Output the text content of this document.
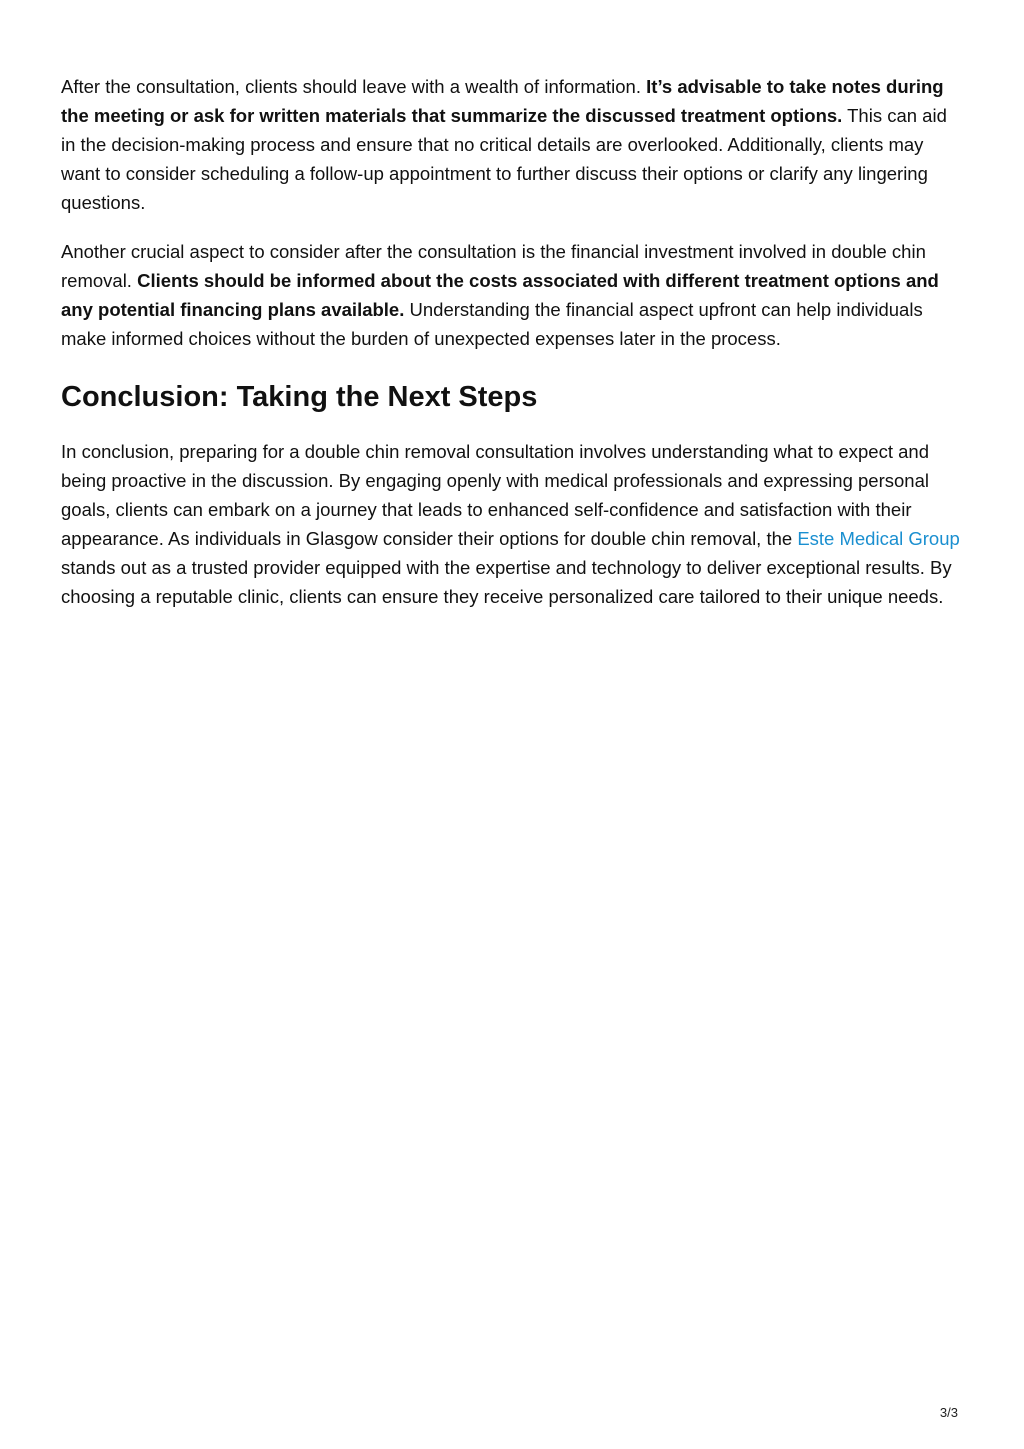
After the consultation, clients should leave with a wealth of information. It’s advisable to take notes during the meeting or ask for written materials that summarize the discussed treatment options. This can aid in the decision-making process and ensure that no critical details are overlooked. Additionally, clients may want to consider scheduling a follow-up appointment to further discuss their options or clarify any lingering questions.

Another crucial aspect to consider after the consultation is the financial investment involved in double chin removal. Clients should be informed about the costs associated with different treatment options and any potential financing plans available. Understanding the financial aspect upfront can help individuals make informed choices without the burden of unexpected expenses later in the process.

Conclusion: Taking the Next Steps

In conclusion, preparing for a double chin removal consultation involves understanding what to expect and being proactive in the discussion. By engaging openly with medical professionals and expressing personal goals, clients can embark on a journey that leads to enhanced self-confidence and satisfaction with their appearance. As individuals in Glasgow consider their options for double chin removal, the Este Medical Group stands out as a trusted provider equipped with the expertise and technology to deliver exceptional results. By choosing a reputable clinic, clients can ensure they receive personalized care tailored to their unique needs.

3/3
